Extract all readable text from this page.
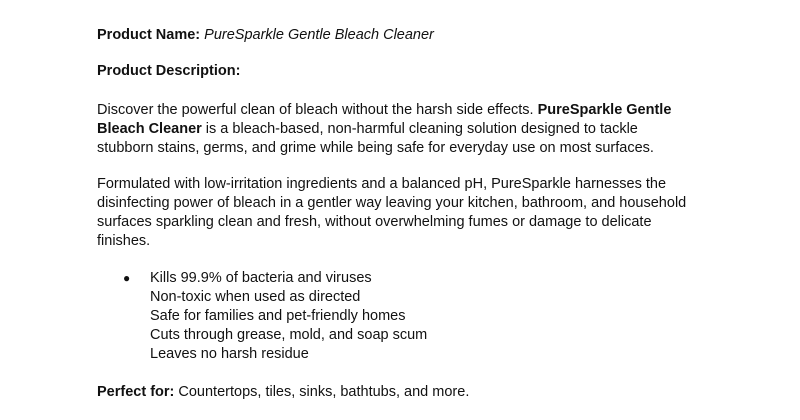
Product Name: PureSparkle Gentle Bleach Cleaner
Product Description:
Discover the powerful clean of bleach without the harsh side effects. PureSparkle Gentle
Bleach Cleaner is a bleach-based, non-harmful cleaning solution designed to tackle
stubborn stains, germs, and grime while being safe for everyday use on most surfaces.
Formulated with low-irritation ingredients and a balanced pH, PureSparkle harnesses the
disinfecting power of bleach in a gentler way leaving your kitchen, bathroom, and household
surfaces sparkling clean and fresh, without overwhelming fumes or damage to delicate
finishes.
● Kills 99.9% of bacteria and viruses
Non-toxic when used as directed
Safe for families and pet-friendly homes
Cuts through grease, mold, and soap scum
Leaves no harsh residue
Perfect for: Countertops, tiles, sinks, bathtubs, and more.
